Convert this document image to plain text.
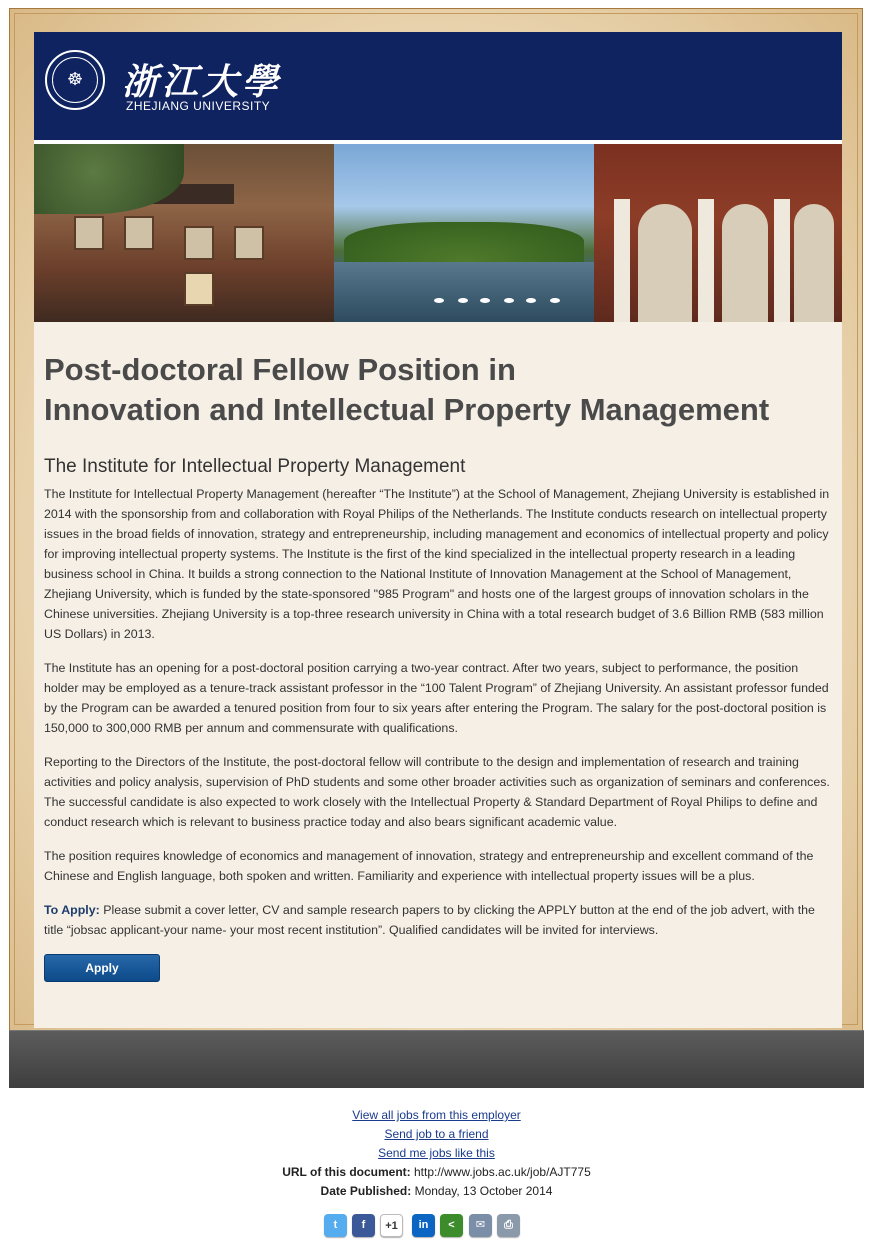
☸ 浙江大學
ZHEJIANG UNIVERSITY
Post-doctoral Fellow Position in
Innovation and Intellectual Property Management
The Institute for Intellectual Property Management

The Institute for Intellectual Property Management (hereafter “The Institute”) at the School of Management, Zhejiang University is established in 2014 with the sponsorship from and collaboration with Royal Philips of the Netherlands. The Institute conducts research on intellectual property issues in the broad fields of innovation, strategy and entrepreneurship, including management and economics of intellectual property and policy for improving intellectual property systems. The Institute is the first of the kind specialized in the intellectual property research in a leading business school in China. It builds a strong connection to the National Institute of Innovation Management at the School of Management, Zhejiang University, which is funded by the state-sponsored "985 Program" and hosts one of the largest groups of innovation scholars in the Chinese universities. Zhejiang University is a top-three research university in China with a total research budget of 3.6 Billion RMB (583 million US Dollars) in 2013.

The Institute has an opening for a post-doctoral position carrying a two-year contract. After two years, subject to performance, the position holder may be employed as a tenure-track assistant professor in the “100 Talent Program” of Zhejiang University. An assistant professor funded by the Program can be awarded a tenured position from four to six years after entering the Program. The salary for the post-doctoral position is 150,000 to 300,000 RMB per annum and commensurate with qualifications.

Reporting to the Directors of the Institute, the post-doctoral fellow will contribute to the design and implementation of research and training activities and policy analysis, supervision of PhD students and some other broader activities such as organization of seminars and conferences. The successful candidate is also expected to work closely with the Intellectual Property & Standard Department of Royal Philips to define and conduct research which is relevant to business practice today and also bears significant academic value.

The position requires knowledge of economics and management of innovation, strategy and entrepreneurship and excellent command of the Chinese and English language, both spoken and written. Familiarity and experience with intellectual property issues will be a plus.

To Apply: Please submit a cover letter, CV and sample research papers to by clicking the APPLY button at the end of the job advert, with the title “jobsac applicant-your name- your most recent institution”. Qualified candidates will be invited for interviews.

Apply
View all jobs from this employer
Send job to a friend
Send me jobs like this
URL of this document: http://www.jobs.ac.uk/job/AJT775
Date Published: Monday, 13 October 2014
t	f	+1	in	<	✉	⎙
